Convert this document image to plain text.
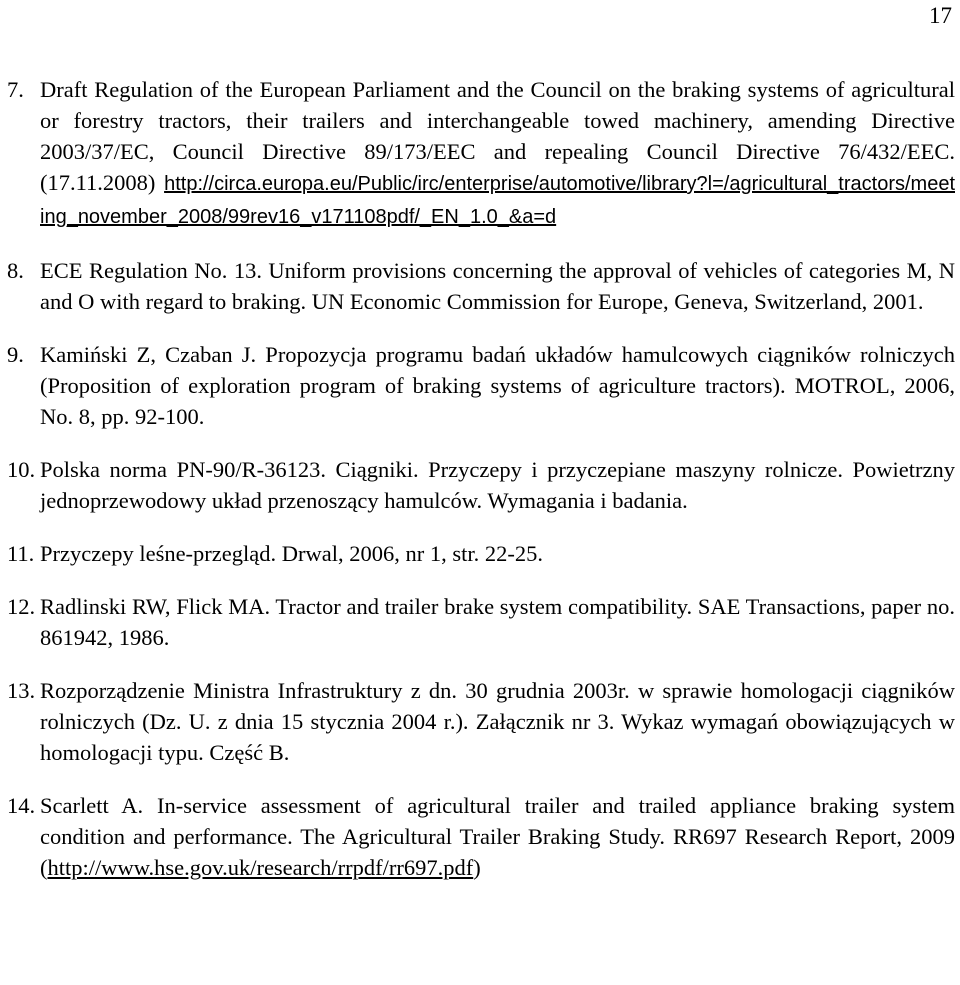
17
7. Draft Regulation of the European Parliament and the Council on the braking systems of agricultural or forestry tractors, their trailers and interchangeable towed machinery, amending Directive 2003/37/EC, Council Directive 89/173/EEC and repealing Council Directive 76/432/EEC. (17.11.2008) http://circa.europa.eu/Public/irc/enterprise/automotive/library?l=/agricultural_tractors/meeting_november_2008/99rev16_v171108pdf/_EN_1.0_&a=d
8. ECE Regulation No. 13. Uniform provisions concerning the approval of vehicles of categories M, N and O with regard to braking. UN Economic Commission for Europe, Geneva, Switzerland, 2001.
9. Kamiński Z, Czaban J. Propozycja programu badań układów hamulcowych ciągników rolniczych (Proposition of exploration program of braking systems of agriculture tractors). MOTROL, 2006, No. 8, pp. 92-100.
10. Polska norma PN-90/R-36123. Ciągniki. Przyczepy i przyczepiane maszyny rolnicze. Powietrzny jednoprzewodowy układ przenoszący hamulców. Wymagania i badania.
11. Przyczepy leśne-przegląd. Drwal, 2006, nr 1, str. 22-25.
12. Radlinski RW, Flick MA. Tractor and trailer brake system compatibility. SAE Transactions, paper no. 861942, 1986.
13. Rozporządzenie Ministra Infrastruktury z dn. 30 grudnia 2003r. w sprawie homologacji ciągników rolniczych (Dz. U. z dnia 15 stycznia 2004 r.). Załącznik nr 3. Wykaz wymagań obowiązujących w homologacji typu. Część B.
14. Scarlett A. In-service assessment of agricultural trailer and trailed appliance braking system condition and performance. The Agricultural Trailer Braking Study. RR697 Research Report, 2009 (http://www.hse.gov.uk/research/rrpdf/rr697.pdf)
